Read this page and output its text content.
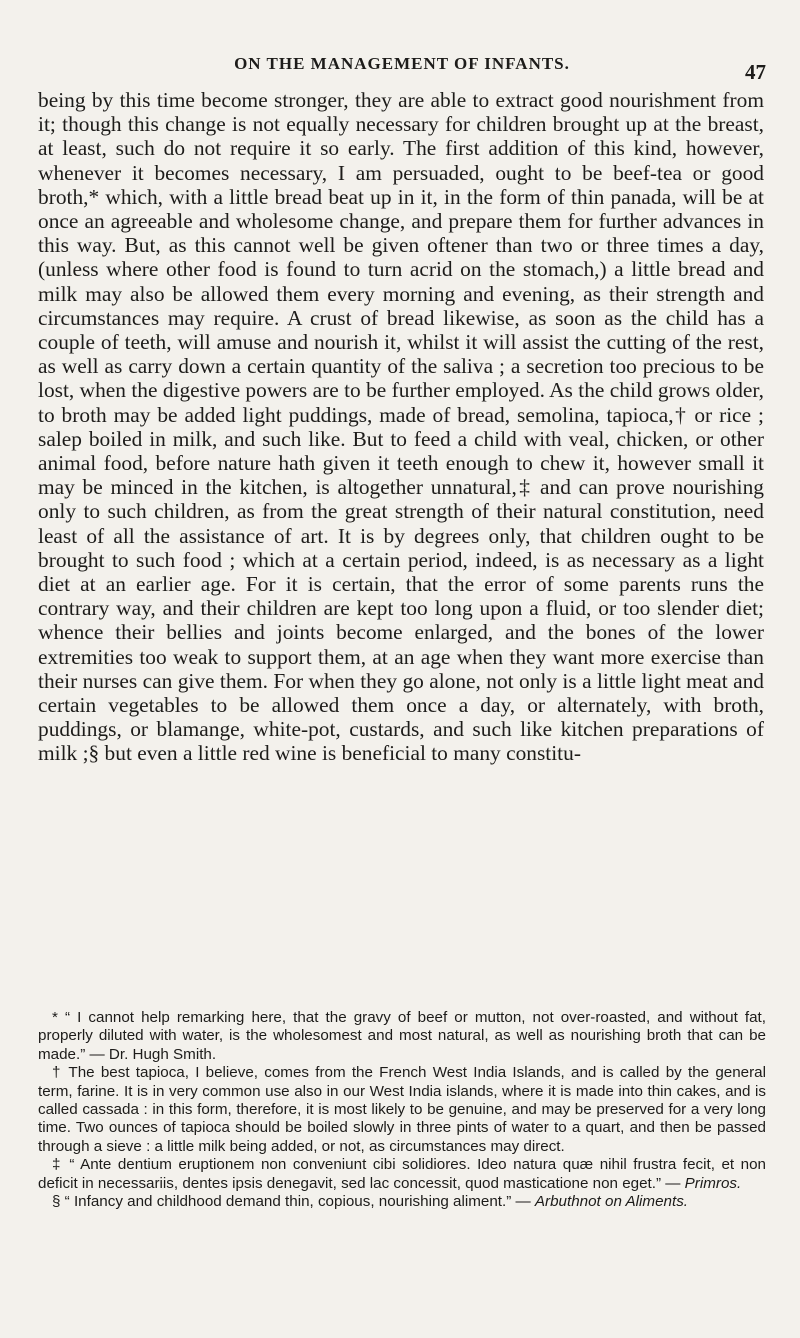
ON THE MANAGEMENT OF INFANTS.	47

being by this time become stronger, they are able to extract good nourishment from it; though this change is not equally necessary for children brought up at the breast, at least, such do not require it so early. The first addition of this kind, however, whenever it becomes necessary, I am persuaded, ought to be beef-tea or good broth,* which, with a little bread beat up in it, in the form of thin panada, will be at once an agreeable and wholesome change, and prepare them for further advances in this way. But, as this cannot well be given oftener than two or three times a day, (unless where other food is found to turn acrid on the stomach,) a little bread and milk may also be allowed them every morning and evening, as their strength and circumstances may require. A crust of bread likewise, as soon as the child has a couple of teeth, will amuse and nourish it, whilst it will assist the cutting of the rest, as well as carry down a certain quantity of the saliva ; a secretion too precious to be lost, when the digestive powers are to be further employed. As the child grows older, to broth may be added light puddings, made of bread, semolina, tapioca,† or rice ; salep boiled in milk, and such like. But to feed a child with veal, chicken, or other animal food, before nature hath given it teeth enough to chew it, however small it may be minced in the kitchen, is altogether unnatural,‡ and can prove nourishing only to such children, as from the great strength of their natural constitution, need least of all the assistance of art. It is by degrees only, that children ought to be brought to such food ; which at a certain period, indeed, is as necessary as a light diet at an earlier age. For it is certain, that the error of some parents runs the contrary way, and their children are kept too long upon a fluid, or too slender diet; whence their bellies and joints become enlarged, and the bones of the lower extremities too weak to support them, at an age when they want more exercise than their nurses can give them. For when they go alone, not only is a little light meat and certain vegetables to be allowed them once a day, or alternately, with broth, puddings, or blamange, white-pot, custards, and such like kitchen preparations of milk ;§ but even a little red wine is beneficial to many constitu-

* “ I cannot help remarking here, that the gravy of beef or mutton, not over-roasted, and without fat, properly diluted with water, is the wholesomest and most natural, as well as nourishing broth that can be made.” — Dr. Hugh Smith.

† The best tapioca, I believe, comes from the French West India Islands, and is called by the general term, farine. It is in very common use also in our West India islands, where it is made into thin cakes, and is called cassada : in this form, therefore, it is most likely to be genuine, and may be preserved for a very long time. Two ounces of tapioca should be boiled slowly in three pints of water to a quart, and then be passed through a sieve : a little milk being added, or not, as circumstances may direct.

‡ “ Ante dentium eruptionem non conveniunt cibi solidiores. Ideo natura quæ nihil frustra fecit, et non deficit in necessariis, dentes ipsis denegavit, sed lac concessit, quod masticatione non eget.” — Primros.

§ “ Infancy and childhood demand thin, copious, nourishing aliment.” — Arbuthnot on Aliments.
